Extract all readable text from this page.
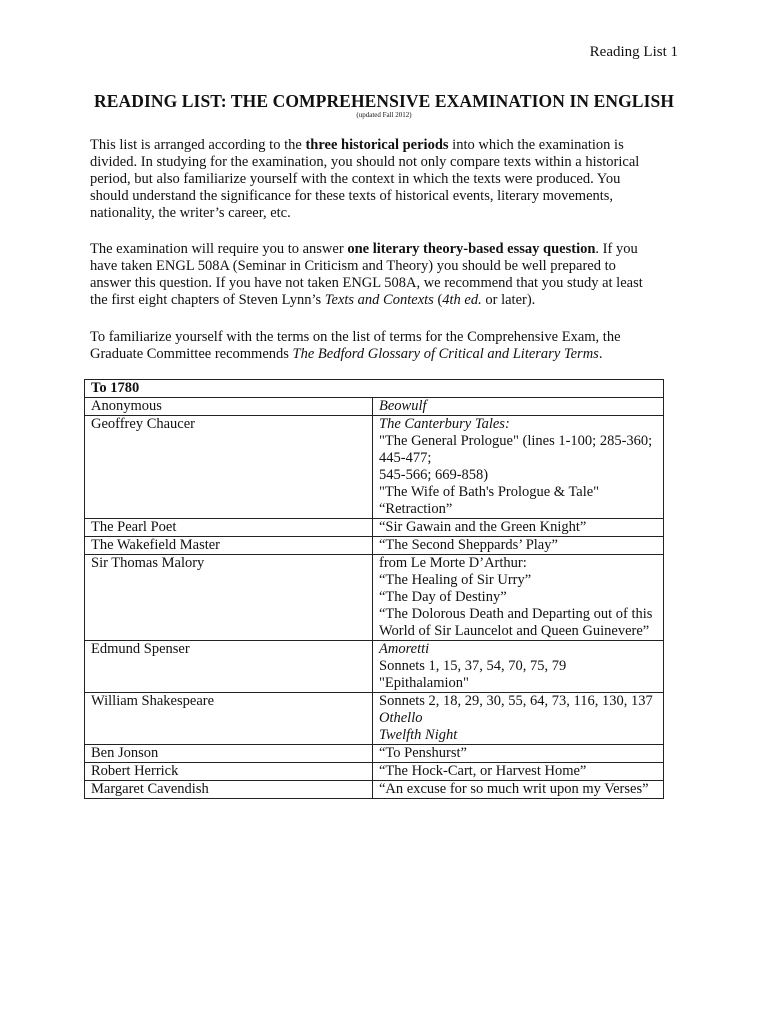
Reading List 1
READING LIST: THE COMPREHENSIVE EXAMINATION IN ENGLISH
(updated Fall 2012)
This list is arranged according to the three historical periods into which the examination is
divided. In studying for the examination, you should not only compare texts within a historical
period, but also familiarize yourself with the context in which the texts were produced. You
should understand the significance for these texts of historical events, literary movements,
nationality, the writer’s career, etc.
The examination will require you to answer one literary theory-based essay question. If you
have taken ENGL 508A (Seminar in Criticism and Theory) you should be well prepared to
answer this question. If you have not taken ENGL 508A, we recommend that you study at least
the first eight chapters of Steven Lynn’s Texts and Contexts (4th ed. or later).
To familiarize yourself with the terms on the list of terms for the Comprehensive Exam, the
Graduate Committee recommends The Bedford Glossary of Critical and Literary Terms.
To 1780	
Anonymous	Beowulf

Geoffrey Chaucer	The Canterbury Tales:
"The General Prologue" (lines 1-100; 285-360; 445-477;
545-566; 669-858)
"The Wife of Bath's Prologue & Tale"
“Retraction”

The Pearl Poet	“Sir Gawain and the Green Knight”

The Wakefield Master	“The Second Sheppards’ Play”

Sir Thomas Malory	from Le Morte D’Arthur:
“The Healing of Sir Urry”
“The Day of Destiny”
“The Dolorous Death and Departing out of this World of Sir Launcelot and Queen Guinevere”

Edmund Spenser	Amoretti
Sonnets 1, 15, 37, 54, 70, 75, 79
"Epithalamion"

William Shakespeare	Sonnets 2, 18, 29, 30, 55, 64, 73, 116, 130, 137
Othello
Twelfth Night

Ben Jonson	“To Penshurst”

Robert Herrick	“The Hock-Cart, or Harvest Home”

Margaret Cavendish	“An excuse for so much writ upon my Verses”
